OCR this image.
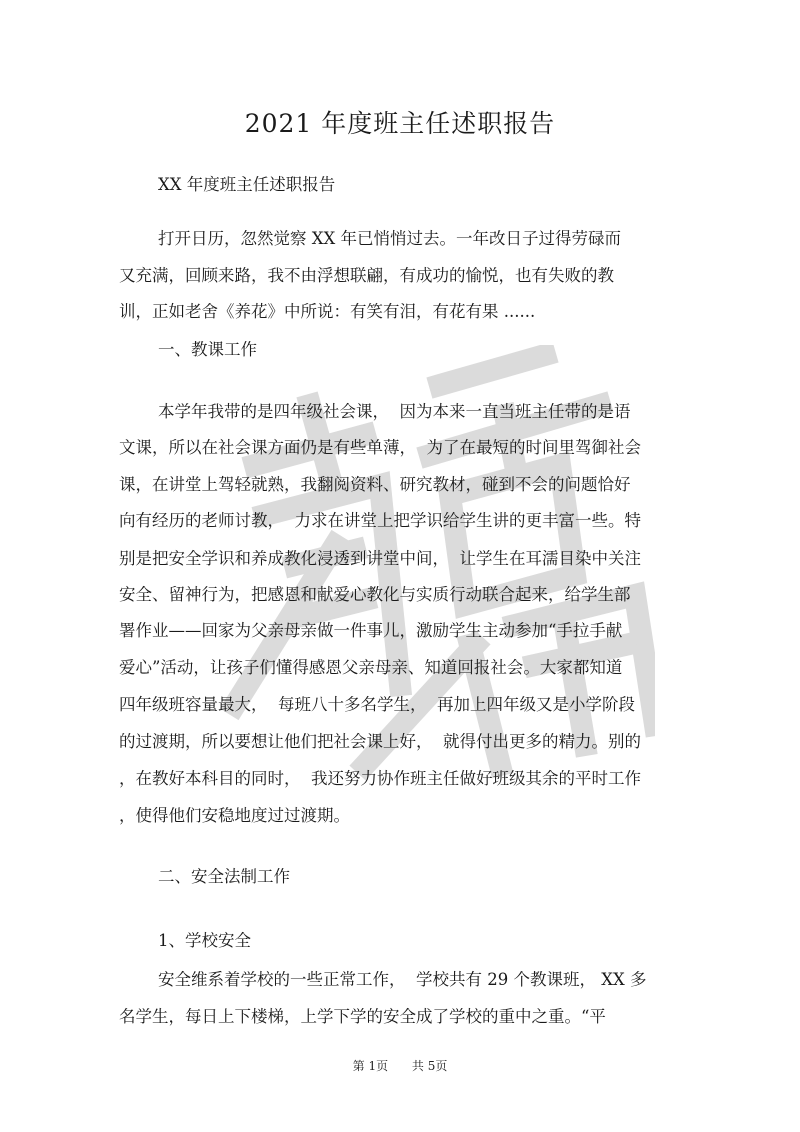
2021 年度班主任述职报告
XX 年度班主任述职报告
打开日历，忽然觉察 XX 年已悄悄过去。一年改日子过得劳碌而
又充满，回顾来路，我不由浮想联翩，有成功的愉悦，也有失败的教
训，正如老舍《养花》中所说：有笑有泪，有花有果 ......
一、教课工作
本学年我带的是四年级社会课，  因为本来一直当班主任带的是语
文课，所以在社会课方面仍是有些单薄，  为了在最短的时间里驾御社会
课，在讲堂上驾轻就熟，我翻阅资料、研究教材，碰到不会的问题恰好
向有经历的老师讨教，  力求在讲堂上把学识给学生讲的更丰富一些。特
别是把安全学识和养成教化浸透到讲堂中间，  让学生在耳濡目染中关注
安全、留神行为，把感恩和献爱心教化与实质行动联合起来，给学生部
署作业——回家为父亲母亲做一件事儿，激励学生主动参加“手拉手献
爱心”活动，让孩子们懂得感恩父亲母亲、知道回报社会。大家都知道
四年级班容量最大，  每班八十多名学生，  再加上四年级又是小学阶段
的过渡期，所以要想让他们把社会课上好，  就得付出更多的精力。别的
，在教好本科目的同时，  我还努力协作班主任做好班级其余的平时工作
，使得他们安稳地度过过渡期。
二、安全法制工作
1、学校安全
安全维系着学校的一些正常工作，  学校共有 29 个教课班， XX 多
名学生，每日上下楼梯，上学下学的安全成了学校的重中之重。“平
第 1页 共 5页
